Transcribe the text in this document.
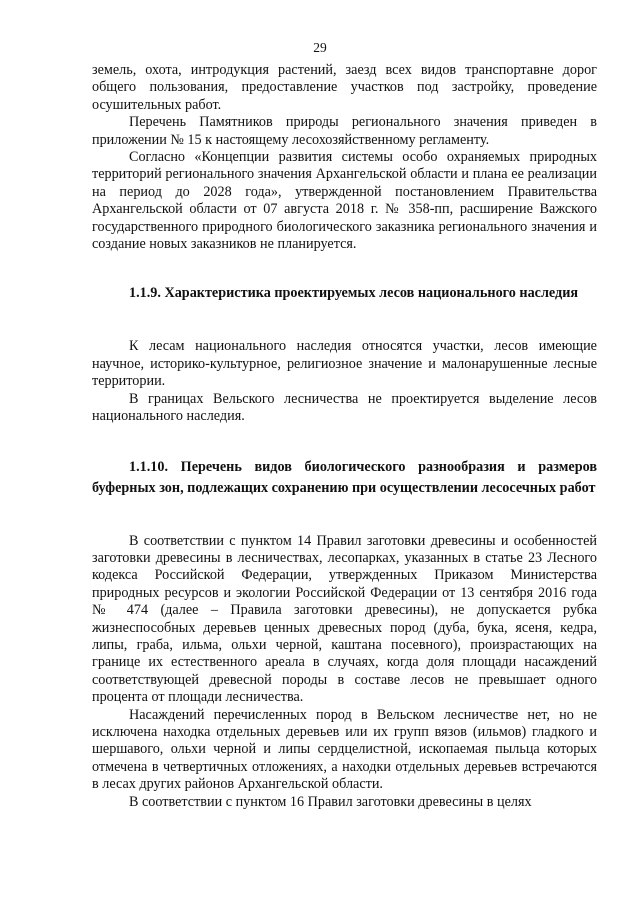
29

земель, охота, интродукция растений, заезд всех видов транспортавне дорог общего пользования, предоставление участков под застройку, проведение осушительных работ.

Перечень Памятников природы регионального значения приведен в приложении № 15 к настоящему лесохозяйственному регламенту.

Согласно «Концепции развития системы особо охраняемых природных территорий регионального значения Архангельской области и плана ее реализации на период до 2028 года», утвержденной постановлением Правительства Архангельской области от 07 августа 2018 г. № 358-пп, расширение Важского государственного природного биологического заказника регионального значения и создание новых заказников не планируется.

1.1.9. Характеристика проектируемых лесов национального наследия

К лесам национального наследия относятся участки, лесов имеющие научное, историко-культурное, религиозное значение и малонарушенные лесные территории.

В границах Вельского лесничества не проектируется выделение лесов национального наследия.

1.1.10. Перечень видов биологического разнообразия и размеров буферных зон, подлежащих сохранению при осуществлении лесосечных работ

В соответствии с пунктом 14 Правил заготовки древесины и особенностей заготовки древесины в лесничествах, лесопарках, указанных в статье 23 Лесного кодекса Российской Федерации, утвержденных Приказом Министерства природных ресурсов и экологии Российской Федерации от 13 сентября 2016 года № 474 (далее – Правила заготовки древесины), не допускается рубка жизнеспособных деревьев ценных древесных пород (дуба, бука, ясеня, кедра, липы, граба, ильма, ольхи черной, каштана посевного), произрастающих на границе их естественного ареала в случаях, когда доля площади насаждений соответствующей древесной породы в составе лесов не превышает одного процента от площади лесничества.

Насаждений перечисленных пород в Вельском лесничестве нет, но не исключена находка отдельных деревьев или их групп вязов (ильмов) гладкого и шершавого, ольхи черной и липы сердцелистной, ископаемая пыльца которых отмечена в четвертичных отложениях, а находки отдельных деревьев встречаются в лесах других районов Архангельской области.

В соответствии с пунктом 16 Правил заготовки древесины в целях
